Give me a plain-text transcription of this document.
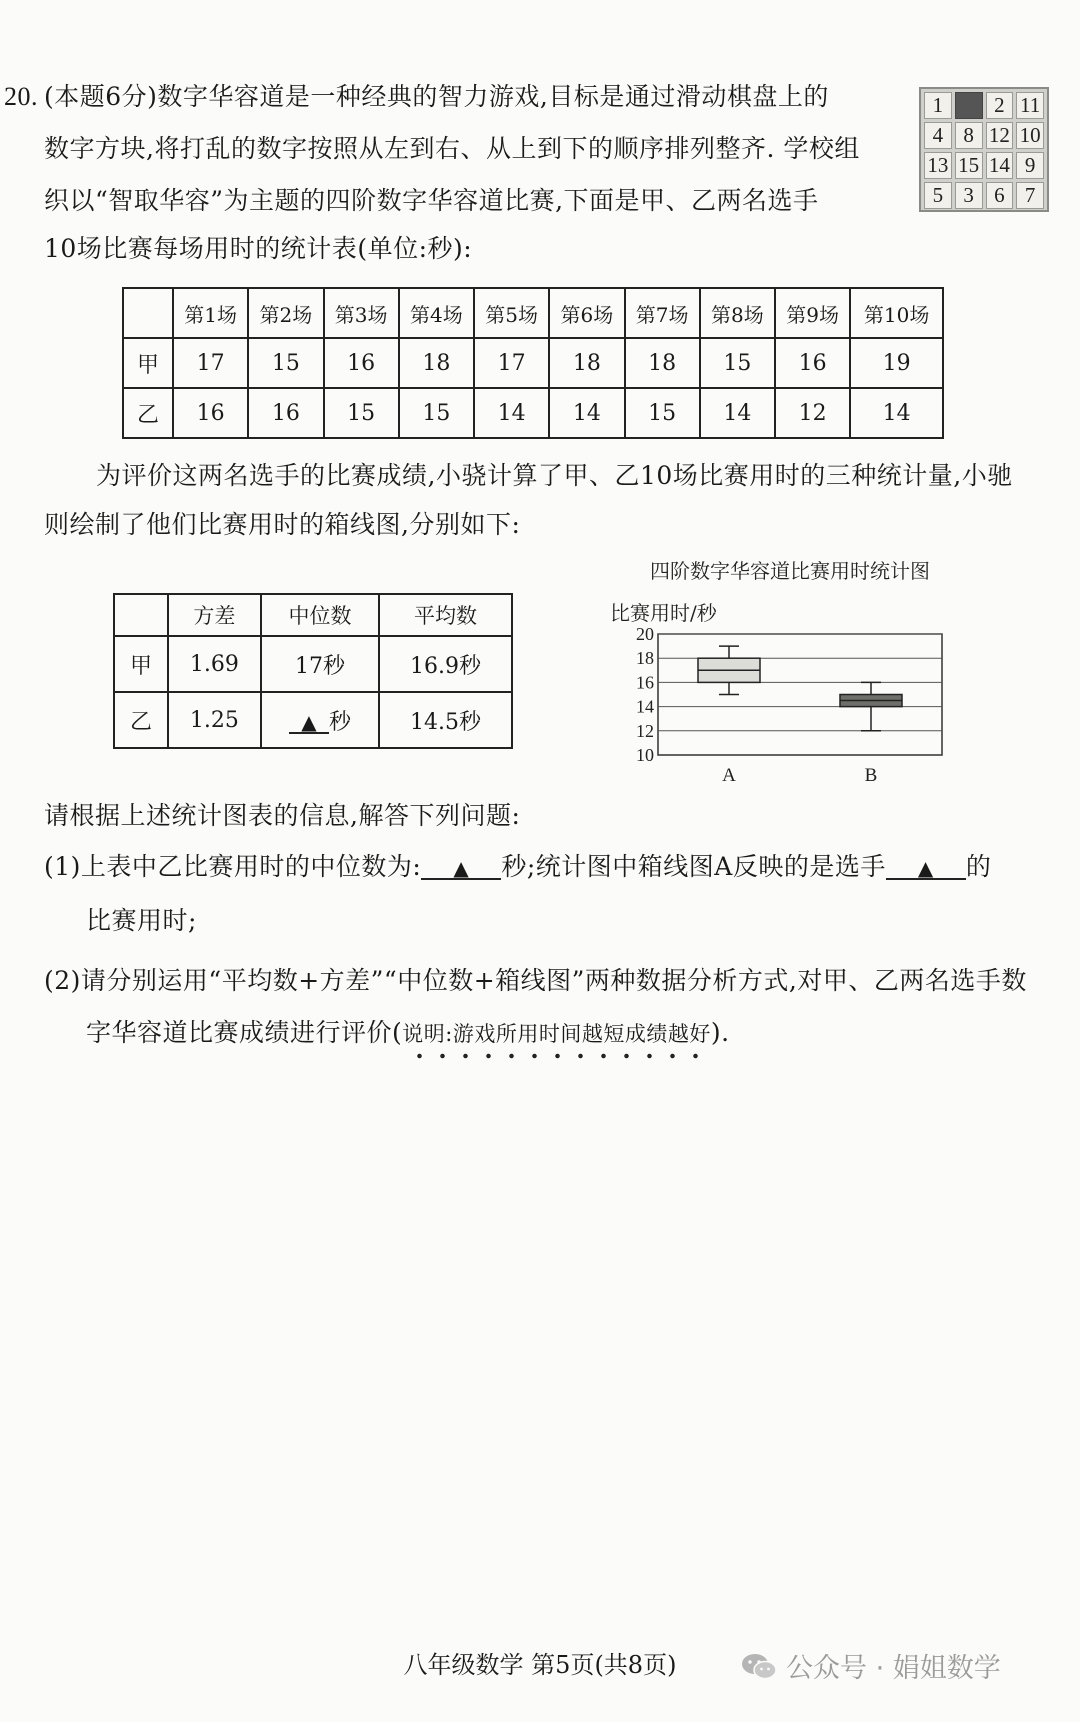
20. (本题6分)数字华容道是一种经典的智力游戏,目标是通过滑动棋盘上的
数字方块,将打乱的数字按照从左到右、从上到下的顺序排列整齐. 学校组
织以“智取华容”为主题的四阶数字华容道比赛,下面是甲、乙两名选手
10场比赛每场用时的统计表(单位:秒):
1	2 11
4 8 12 10
13 15 14 9
5 3 6 7
	第1场	第2场	第3场	第4场	第5场	第6场	第7场	第8场	第9场	第10场
甲	17	15	16	18	17	18	18	15	16	19
乙	16	16	15	15	14	14	15	14	12	14
为评价这两名选手的比赛成绩,小骁计算了甲、乙10场比赛用时的三种统计量,小驰
则绘制了他们比赛用时的箱线图,分别如下:
	方差	中位数	平均数
甲	1.69	17秒	16.9秒
乙	1.25	▲ 秒	14.5秒
四阶数字华容道比赛用时统计图
比赛用时/秒
10
12
14
16
18
20
A	B
请根据上述统计图表的信息,解答下列问题:
(1)上表中乙比赛用时的中位数为: ▲ 秒;统计图中箱线图A反映的是选手 ▲ 的
比赛用时;
(2)请分别运用“平均数+方差”“中位数+箱线图”两种数据分析方式,对甲、乙两名选手数
字华容道比赛成绩进行评价(说明:游戏所用时间越短成绩越好).
八年级数学 第5页(共8页)	公众号 · 娟姐数学
